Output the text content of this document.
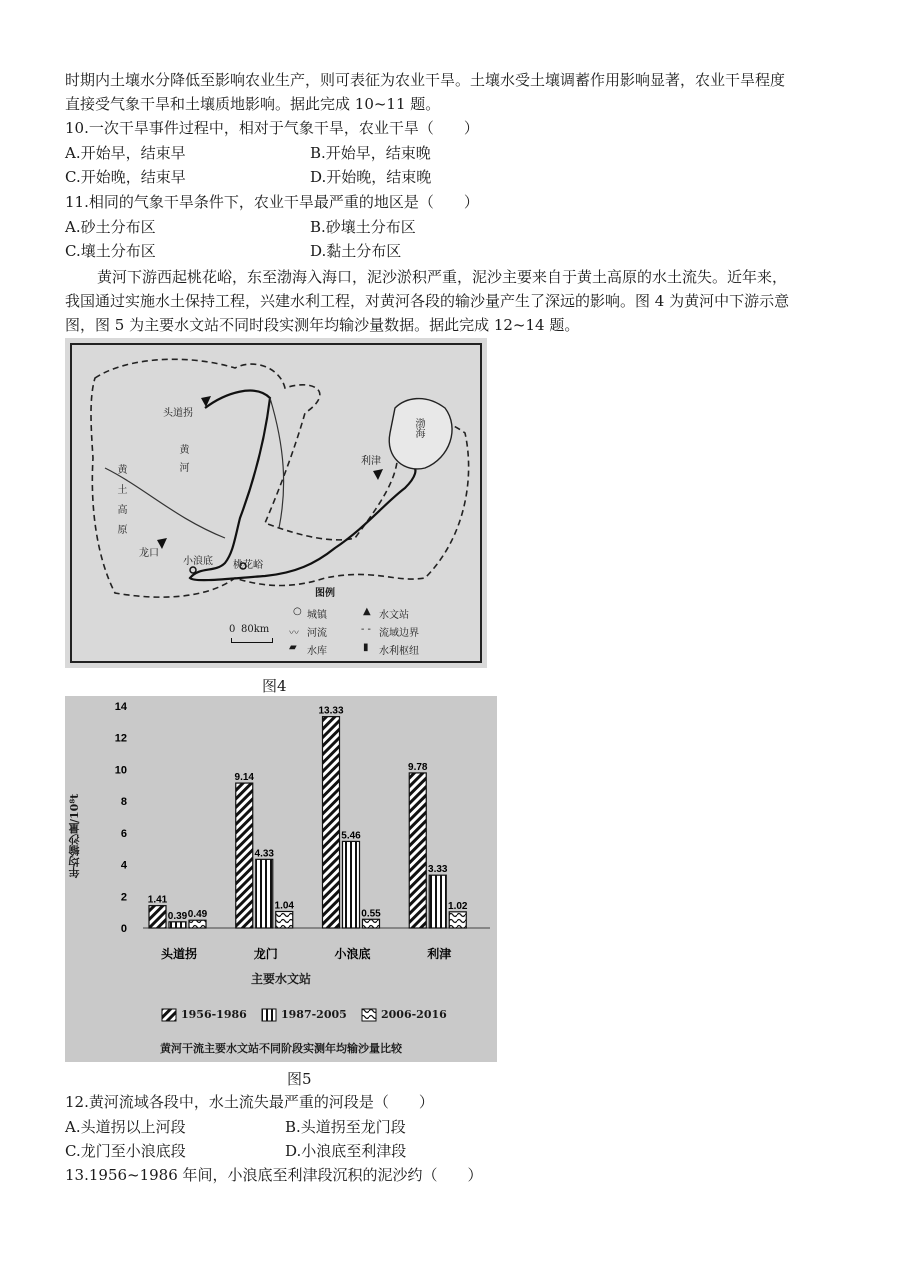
时期内土壤水分降低至影响农业生产，则可表征为农业干旱。土壤水受土壤调蓄作用影响显著，农业干旱程度
直接受气象干旱和土壤质地影响。据此完成 10~11 题。
10.一次干旱事件过程中，相对于气象干旱，农业干旱（　　）
A.开始早，结束早	B.开始早，结束晚
C.开始晚，结束早	D.开始晚，结束晚
11.相同的气象干旱条件下，农业干旱最严重的地区是（　　）
A.砂土分布区	B.砂壤土分布区
C.壤土分布区	D.黏土分布区
黄河下游西起桃花峪，东至渤海入海口，泥沙淤积严重，泥沙主要来自于黄土高原的水土流失。近年来，
我国通过实施水土保持工程，兴建水利工程，对黄河各段的输沙量产生了深远的影响。图 4 为黄河中下游示意
图，图 5 为主要水文站不同时段实测年均输沙量数据。据此完成 12~14 题。
头道拐
龙口
小浪底 桃花峪
利津
渤海
黄河
黄土高原
图例
○ 城镇	▲ 水文站
〰 河流	- - 流域边界
▰ 水库	▮ 水利枢纽
0 80km
图4
0
2
4
6
8
10
12
14
1.41
0.39 0.49
头道拐
9.14
4.33
1.04
龙门
13.33
5.46
0.55
小浪底
9.78
3.33
1.02
利津
年均输沙量/10⁸t
主要水文站
黄河干流主要水文站不同阶段实测年均输沙量比较
1956-1986	1987-2005	2006-2016
图5
12.黄河流域各段中，水土流失最严重的河段是（　　）
A.头道拐以上河段	B.头道拐至龙门段
C.龙门至小浪底段	D.小浪底至利津段
13.1956~1986 年间，小浪底至利津段沉积的泥沙约（　　）
